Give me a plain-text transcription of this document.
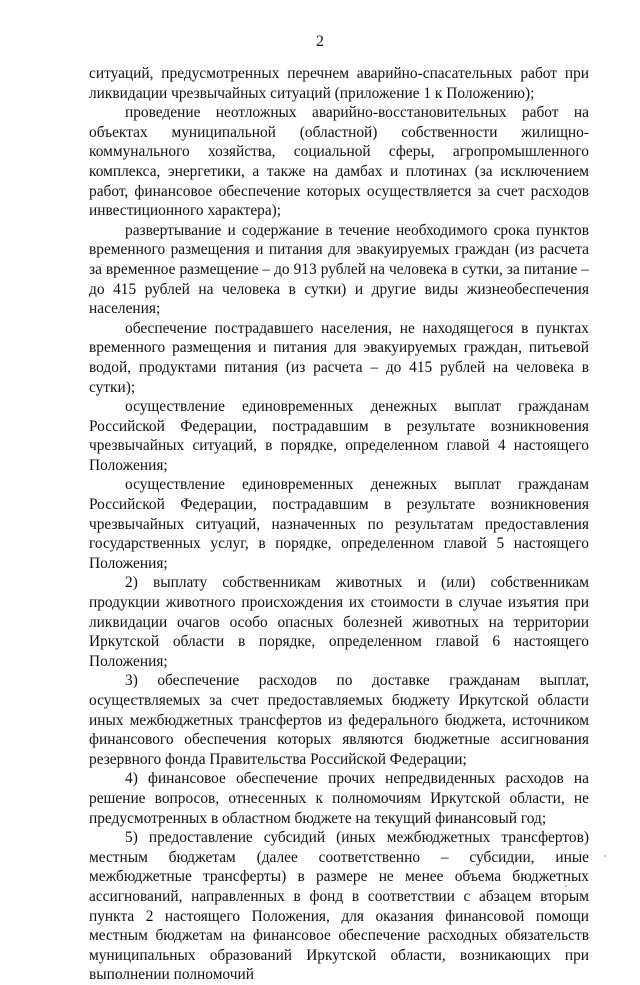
2

ситуаций, предусмотренных перечнем аварийно-спасательных работ при ликвидации чрезвычайных ситуаций (приложение 1 к Положению);

проведение неотложных аварийно-восстановительных работ на объектах муниципальной (областной) собственности жилищно-коммунального хозяйства, социальной сферы, агропромышленного комплекса, энергетики, а также на дамбах и плотинах (за исключением работ, финансовое обеспечение которых осуществляется за счет расходов инвестиционного характера);

развертывание и содержание в течение необходимого срока пунктов временного размещения и питания для эвакуируемых граждан (из расчета за временное размещение – до 913 рублей на человека в сутки, за питание – до 415 рублей на человека в сутки) и другие виды жизнеобеспечения населения;

обеспечение пострадавшего населения, не находящегося в пунктах временного размещения и питания для эвакуируемых граждан, питьевой водой, продуктами питания (из расчета – до 415 рублей на человека в сутки);

осуществление единовременных денежных выплат гражданам Российской Федерации, пострадавшим в результате возникновения чрезвычайных ситуаций, в порядке, определенном главой 4 настоящего Положения;

осуществление единовременных денежных выплат гражданам Российской Федерации, пострадавшим в результате возникновения чрезвычайных ситуаций, назначенных по результатам предоставления государственных услуг, в порядке, определенном главой 5 настоящего Положения;

2) выплату собственникам животных и (или) собственникам продукции животного происхождения их стоимости в случае изъятия при ликвидации очагов особо опасных болезней животных на территории Иркутской области в порядке, определенном главой 6 настоящего Положения;

3) обеспечение расходов по доставке гражданам выплат, осуществляемых за счет предоставляемых бюджету Иркутской области иных межбюджетных трансфертов из федерального бюджета, источником финансового обеспечения которых являются бюджетные ассигнования резервного фонда Правительства Российской Федерации;

4) финансовое обеспечение прочих непредвиденных расходов на решение вопросов, отнесенных к полномочиям Иркутской области, не предусмотренных в областном бюджете на текущий финансовый год;

5) предоставление субсидий (иных межбюджетных трансфертов) местным бюджетам (далее соответственно – субсидии, иные межбюджетные трансферты) в размере не менее объема бюджетных ассигнований, направленных в фонд в соответствии с абзацем вторым пункта 2 настоящего Положения, для оказания финансовой помощи местным бюджетам на финансовое обеспечение расходных обязательств муниципальных образований Иркутской области, возникающих при выполнении полномочий
